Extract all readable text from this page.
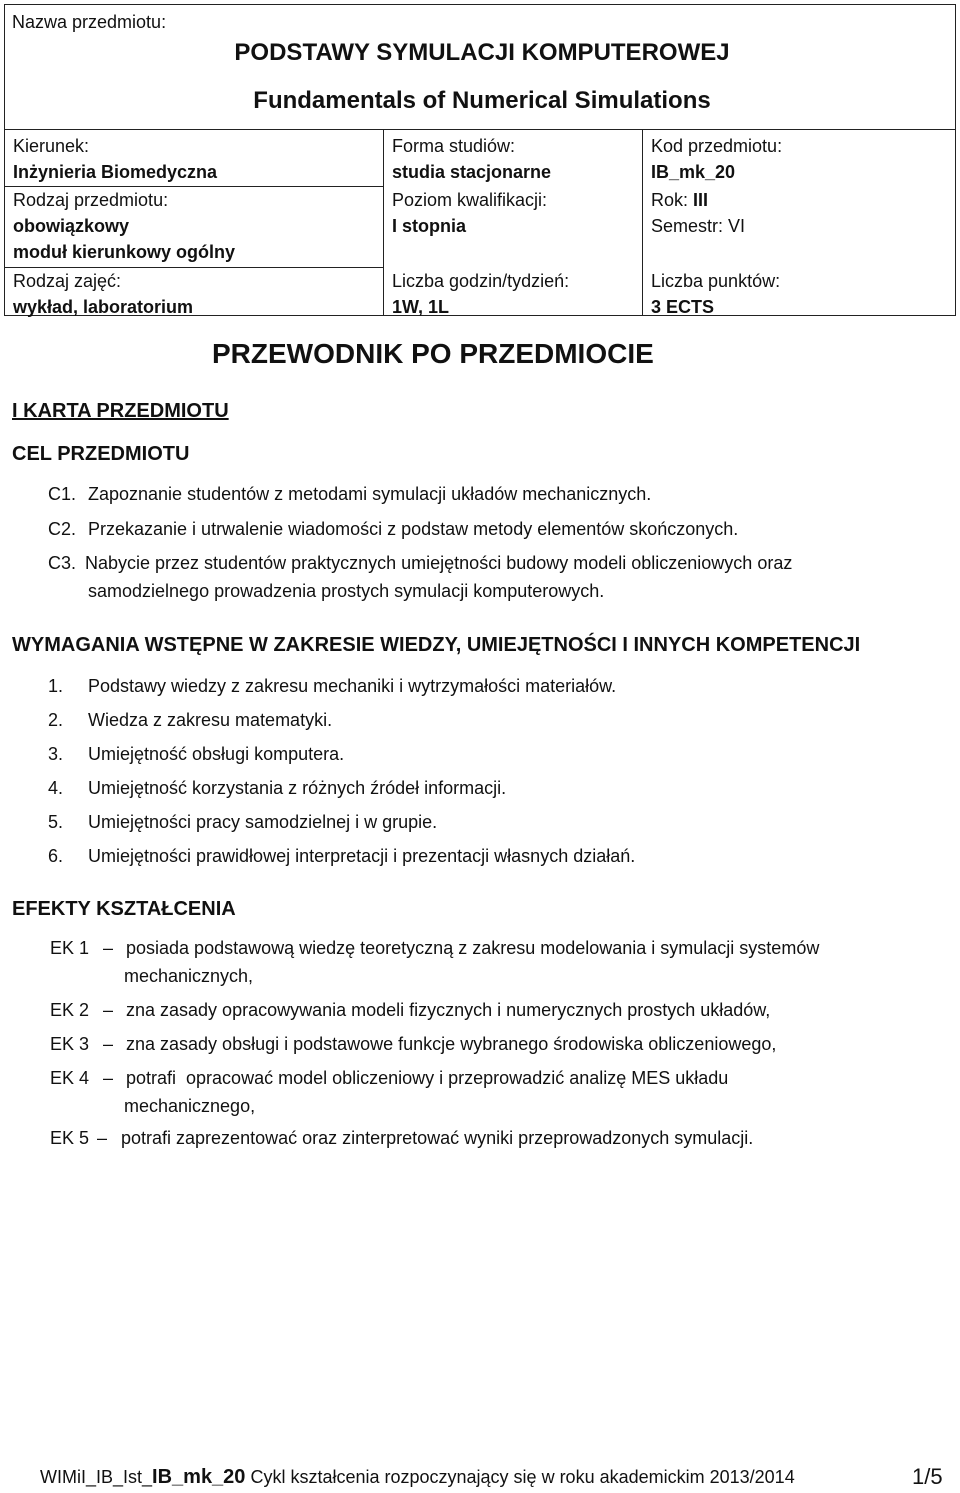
Nazwa przedmiotu:
PODSTAWY SYMULACJI KOMPUTEROWEJ
Fundamentals of Numerical Simulations
Kierunek:
Inżynieria Biomedyczna
Rodzaj przedmiotu:
obowiązkowy
moduł kierunkowy ogólny
Rodzaj zajęć:
wykład, laboratorium
Forma studiów:
studia stacjonarne
Poziom kwalifikacji:
I stopnia
Liczba godzin/tydzień:
1W, 1L
Kod przedmiotu:
IB_mk_20
Rok: III
Semestr: VI
Liczba punktów:
3 ECTS
PRZEWODNIK PO PRZEDMIOCIE
I KARTA PRZEDMIOTU
CEL PRZEDMIOTU
C1. Zapoznanie studentów z metodami symulacji układów mechanicznych.
C2. Przekazanie i utrwalenie wiadomości z podstaw metody elementów skończonych.
C3. Nabycie przez studentów praktycznych umiejętności budowy modeli obliczeniowych oraz
samodzielnego prowadzenia prostych symulacji komputerowych.
WYMAGANIA WSTĘPNE W ZAKRESIE WIEDZY, UMIEJĘTNOŚCI I INNYCH KOMPETENCJI
1. Podstawy wiedzy z zakresu mechaniki i wytrzymałości materiałów.
2. Wiedza z zakresu matematyki.
3. Umiejętność obsługi komputera.
4. Umiejętność korzystania z różnych źródeł informacji.
5. Umiejętności pracy samodzielnej i w grupie.
6. Umiejętności prawidłowej interpretacji i prezentacji własnych działań.
EFEKTY KSZTAŁCENIA
EK 1 – posiada podstawową wiedzę teoretyczną z zakresu modelowania i symulacji systemów
mechanicznych,
EK 2 – zna zasady opracowywania modeli fizycznych i numerycznych prostych układów,
EK 3 – zna zasady obsługi i podstawowe funkcje wybranego środowiska obliczeniowego,
EK 4 – potrafi  opracować model obliczeniowy i przeprowadzić analizę MES układu
mechanicznego,
EK 5 – potrafi zaprezentować oraz zinterpretować wyniki przeprowadzonych symulacji.
WIMiI_IB_Ist_IB_mk_20 Cykl kształcenia rozpoczynający się w roku akademickim 2013/2014	1/5
